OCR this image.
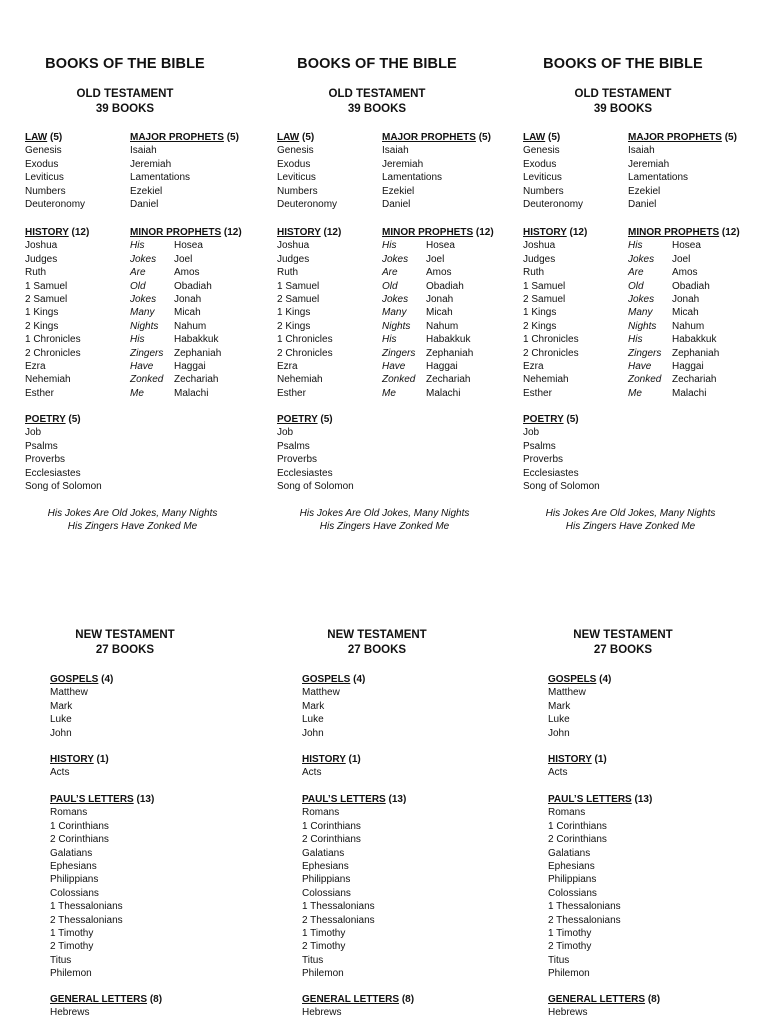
BOOKS OF THE BIBLE
OLD TESTAMENT
39 BOOKS
LAW (5)
Genesis
Exodus
Leviticus
Numbers
Deuteronomy
MAJOR PROPHETS (5)
Isaiah
Jeremiah
Lamentations
Ezekiel
Daniel
HISTORY (12)
Joshua
Judges
Ruth
1 Samuel
2 Samuel
1 Kings
2 Kings
1 Chronicles
2 Chronicles
Ezra
Nehemiah
Esther
MINOR PROPHETS (12)
His	Hosea
Jokes	Joel
Are	Amos
Old	Obadiah
Jokes	Jonah
Many	Micah
Nights	Nahum
His	Habakkuk
Zingers	Zephaniah
Have	Haggai
Zonked	Zechariah
Me	Malachi
POETRY (5)
Job
Psalms
Proverbs
Ecclesiastes
Song of Solomon
His Jokes Are Old Jokes, Many Nights
His Zingers Have Zonked Me
NEW TESTAMENT
27 BOOKS
GOSPELS (4)
Matthew
Mark
Luke
John
HISTORY (1)
Acts
PAUL’S LETTERS (13)
Romans
1 Corinthians
2 Corinthians
Galatians
Ephesians
Philippians
Colossians
1 Thessalonians
2 Thessalonians
1 Timothy
2 Timothy
Titus
Philemon
GENERAL LETTERS (8)
Hebrews
BOOKS OF THE BIBLE
OLD TESTAMENT
39 BOOKS
LAW (5)
Genesis
Exodus
Leviticus
Numbers
Deuteronomy
MAJOR PROPHETS (5)
Isaiah
Jeremiah
Lamentations
Ezekiel
Daniel
HISTORY (12)
Joshua
Judges
Ruth
1 Samuel
2 Samuel
1 Kings
2 Kings
1 Chronicles
2 Chronicles
Ezra
Nehemiah
Esther
MINOR PROPHETS (12)
His	Hosea
Jokes	Joel
Are	Amos
Old	Obadiah
Jokes	Jonah
Many	Micah
Nights	Nahum
His	Habakkuk
Zingers	Zephaniah
Have	Haggai
Zonked	Zechariah
Me	Malachi
POETRY (5)
Job
Psalms
Proverbs
Ecclesiastes
Song of Solomon
His Jokes Are Old Jokes, Many Nights
His Zingers Have Zonked Me
NEW TESTAMENT
27 BOOKS
GOSPELS (4)
Matthew
Mark
Luke
John
HISTORY (1)
Acts
PAUL’S LETTERS (13)
Romans
1 Corinthians
2 Corinthians
Galatians
Ephesians
Philippians
Colossians
1 Thessalonians
2 Thessalonians
1 Timothy
2 Timothy
Titus
Philemon
GENERAL LETTERS (8)
Hebrews
BOOKS OF THE BIBLE
OLD TESTAMENT
39 BOOKS
LAW (5)
Genesis
Exodus
Leviticus
Numbers
Deuteronomy
MAJOR PROPHETS (5)
Isaiah
Jeremiah
Lamentations
Ezekiel
Daniel
HISTORY (12)
Joshua
Judges
Ruth
1 Samuel
2 Samuel
1 Kings
2 Kings
1 Chronicles
2 Chronicles
Ezra
Nehemiah
Esther
MINOR PROPHETS (12)
His	Hosea
Jokes	Joel
Are	Amos
Old	Obadiah
Jokes	Jonah
Many	Micah
Nights	Nahum
His	Habakkuk
Zingers	Zephaniah
Have	Haggai
Zonked	Zechariah
Me	Malachi
POETRY (5)
Job
Psalms
Proverbs
Ecclesiastes
Song of Solomon
His Jokes Are Old Jokes, Many Nights
His Zingers Have Zonked Me
NEW TESTAMENT
27 BOOKS
GOSPELS (4)
Matthew
Mark
Luke
John
HISTORY (1)
Acts
PAUL’S LETTERS (13)
Romans
1 Corinthians
2 Corinthians
Galatians
Ephesians
Philippians
Colossians
1 Thessalonians
2 Thessalonians
1 Timothy
2 Timothy
Titus
Philemon
GENERAL LETTERS (8)
Hebrews
